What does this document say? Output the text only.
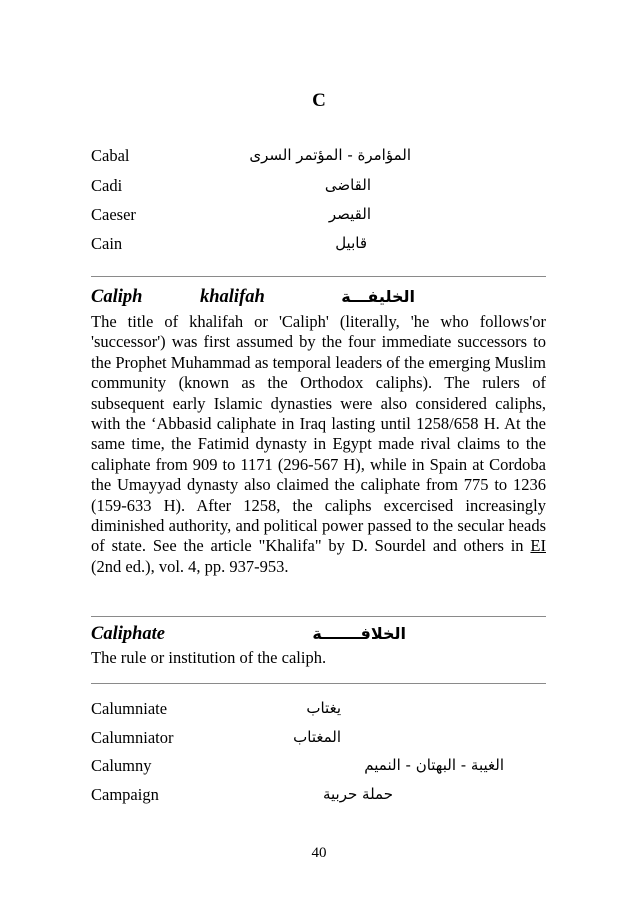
C
Cabal	المؤامرة - المؤتمر السرى
Cadi	القاضى
Caeser	القيصر
Cain	قابيل
Caliph	khalifah	الخليفـــة
The title of khalifah or 'Caliph' (literally, 'he who follows'or 'successor') was first assumed by the four immediate successors to the Prophet Muhammad as temporal leaders of the emerging Muslim community (known as the Orthodox caliphs). The rulers of subsequent early Islamic dynasties were also considered caliphs, with the ‘Abbasid caliphate in Iraq lasting until 1258/658 H. At the same time, the Fatimid dynasty in Egypt made rival claims to the caliphate from 909 to 1171 (296-567 H), while in Spain at Cordoba the Umayyad dynasty also claimed the caliphate from 775 to 1236 (159-633 H). After 1258, the caliphs excercised increasingly diminished authority, and political power passed to the secular heads of state. See the article "Khalifa" by D. Sourdel and others in EI (2nd ed.), vol. 4, pp. 937-953.
Caliphate	الخلافـــــــة
The rule or institution of the caliph.
Calumniate	يغتاب
Calumniator	المغتاب
Calumny	الغيبة - البهتان - النميم
Campaign	حملة حربية
40
